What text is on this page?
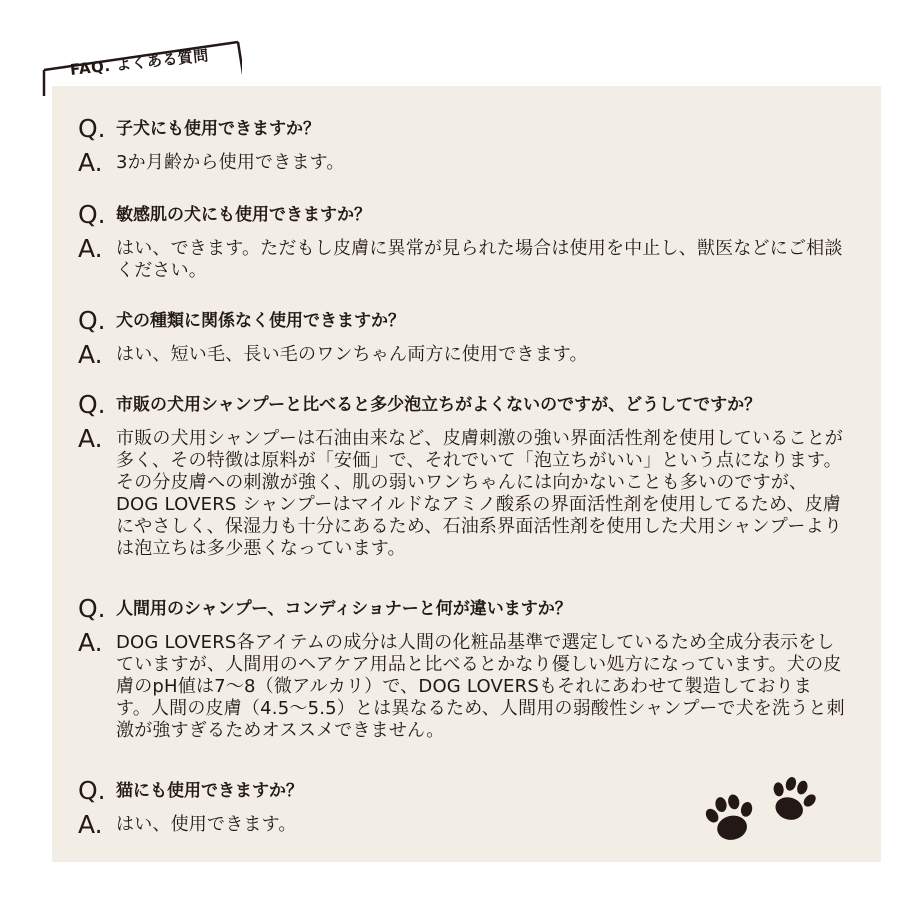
FAQ. よくある質問
Q. 子犬にも使用できますか？
A. 3か月齢から使用できます。
Q. 敏感肌の犬にも使用できますか？
A. はい、できます。ただもし皮膚に異常が見られた場合は使用を中止し、獣医などにご相談ください。
Q. 犬の種類に関係なく使用できますか？
A. はい、短い毛、長い毛のワンちゃん両方に使用できます。
Q. 市販の犬用シャンプーと比べると多少泡立ちがよくないのですが、どうしてですか？
A. 市販の犬用シャンプーは石油由来など、皮膚刺激の強い界面活性剤を使用していることが多く、その特徴は原料が「安価」で、それでいて「泡立ちがいい」という点になります。その分皮膚への刺激が強く、肌の弱いワンちゃんには向かないことも多いのですが、DOG LOVERS シャンプーはマイルドなアミノ酸系の界面活性剤を使用してるため、皮膚にやさしく、保湿力も十分にあるため、石油系界面活性剤を使用した犬用シャンプーよりは泡立ちは多少悪くなっています。
Q. 人間用のシャンプー、コンディショナーと何が違いますか？
A. DOG LOVERS各アイテムの成分は人間の化粧品基準で選定しているため全成分表示をしていますが、人間用のヘアケア用品と比べるとかなり優しい処方になっています。犬の皮膚のpH値は7〜8（微アルカリ）で、DOG LOVERSもそれにあわせて製造しております。人間の皮膚（4.5〜5.5）とは異なるため、人間用の弱酸性シャンプーで犬を洗うと刺激が強すぎるためオススメできません。
Q. 猫にも使用できますか？
A. はい、使用できます。
